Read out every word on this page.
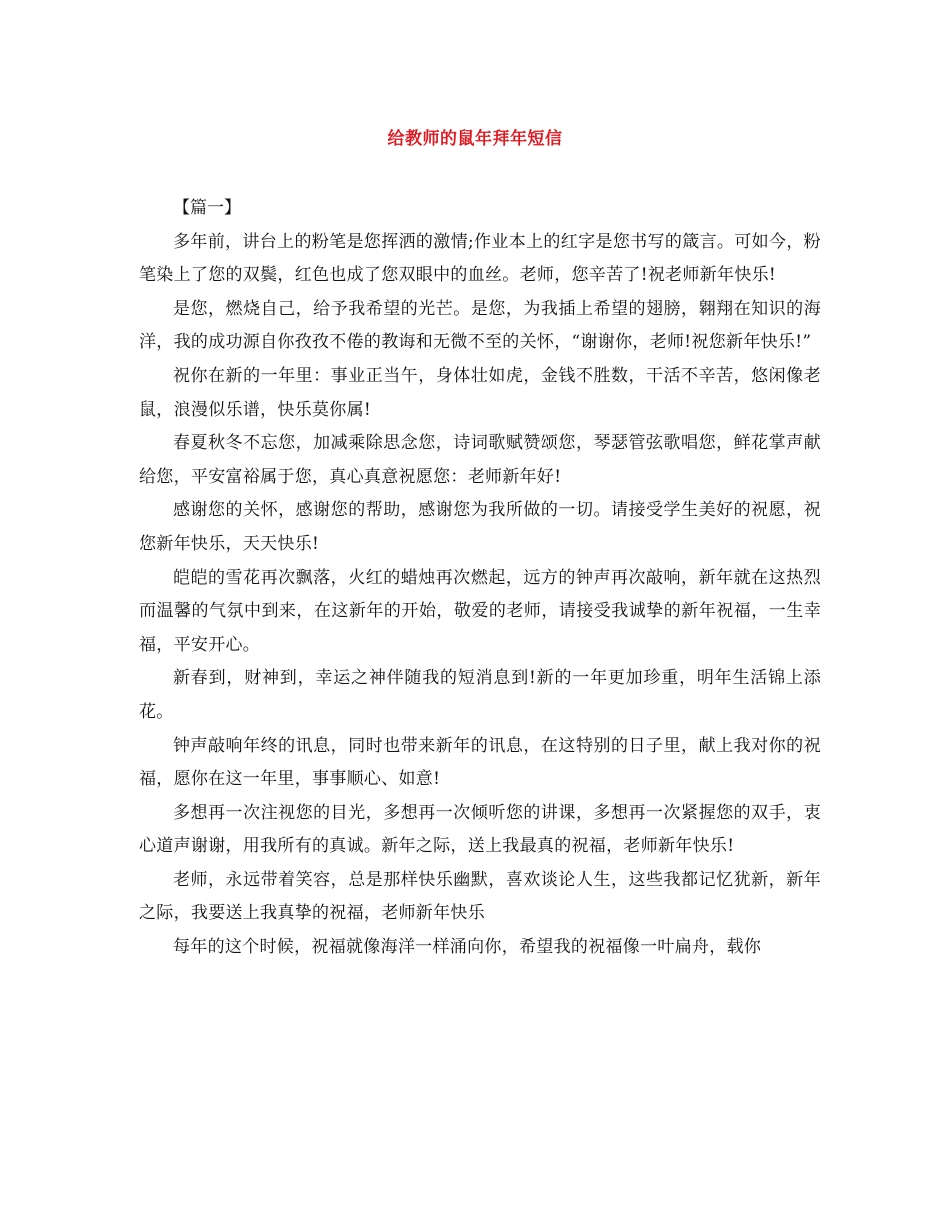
给教师的鼠年拜年短信

【篇一】

多年前，讲台上的粉笔是您挥洒的激情;作业本上的红字是您书写的箴言。可如今，粉笔染上了您的双鬓，红色也成了您双眼中的血丝。老师，您辛苦了!祝老师新年快乐!

是您，燃烧自己，给予我希望的光芒。是您，为我插上希望的翅膀，翱翔在知识的海洋，我的成功源自你孜孜不倦的教诲和无微不至的关怀，“谢谢你，老师!祝您新年快乐!”

祝你在新的一年里：事业正当午，身体壮如虎，金钱不胜数，干活不辛苦，悠闲像老鼠，浪漫似乐谱，快乐莫你属!

春夏秋冬不忘您，加减乘除思念您，诗词歌赋赞颂您，琴瑟管弦歌唱您，鲜花掌声献给您，平安富裕属于您，真心真意祝愿您：老师新年好!

感谢您的关怀，感谢您的帮助，感谢您为我所做的一切。请接受学生美好的祝愿，祝您新年快乐，天天快乐!

皑皑的雪花再次飘落，火红的蜡烛再次燃起，远方的钟声再次敲响，新年就在这热烈而温馨的气氛中到来，在这新年的开始，敬爱的老师，请接受我诚挚的新年祝福，一生幸福，平安开心。

新春到，财神到，幸运之神伴随我的短消息到!新的一年更加珍重，明年生活锦上添花。

钟声敲响年终的讯息，同时也带来新年的讯息，在这特别的日子里，献上我对你的祝福，愿你在这一年里，事事顺心、如意!

多想再一次注视您的目光，多想再一次倾听您的讲课，多想再一次紧握您的双手，衷心道声谢谢，用我所有的真诚。新年之际，送上我最真的祝福，老师新年快乐!

老师，永远带着笑容，总是那样快乐幽默，喜欢谈论人生，这些我都记忆犹新，新年之际，我要送上我真挚的祝福，老师新年快乐

每年的这个时候，祝福就像海洋一样涌向你，希望我的祝福像一叶扁舟，载你
